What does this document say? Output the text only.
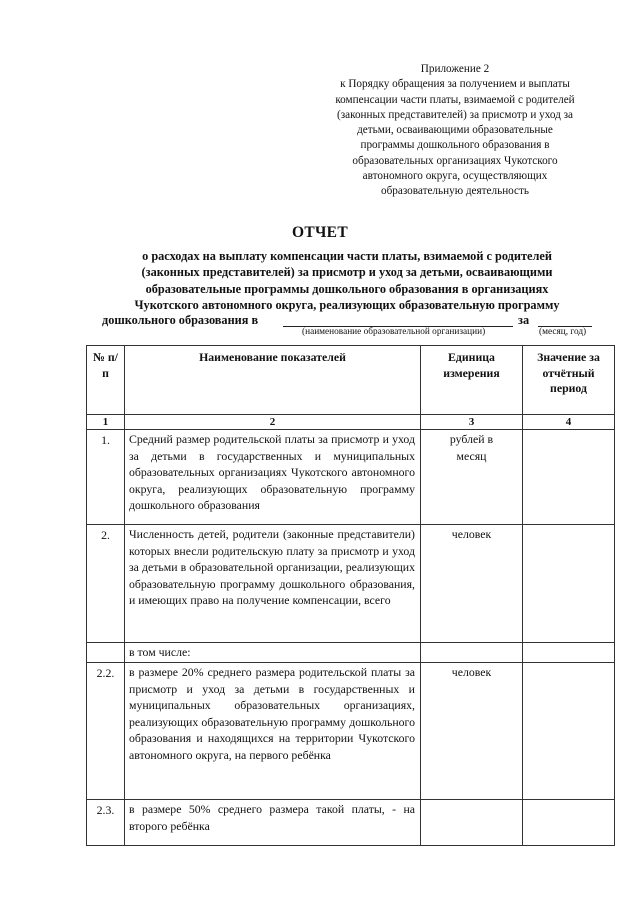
Приложение 2
к Порядку обращения за получением и выплаты
компенсации части платы, взимаемой с родителей
(законных представителей) за присмотр и уход за
детьми, осваивающими образовательные
программы дошкольного образования в
образовательных организациях Чукотского
автономного округа, осуществляющих
образовательную деятельность
ОТЧЕТ
о расходах на выплату компенсации части платы, взимаемой с родителей
(законных представителей) за присмотр и уход за детьми, осваивающими
образовательные программы дошкольного образования в организациях
Чукотского автономного округа, реализующих образовательную программу
дошкольного образования в	за
(наименование образовательной организации)	(месяц, год)
№ п/п	Наименование показателей	Единица измерения	Значение за отчётный период
1	2	3	4
1.	Средний размер родительской платы за присмотр и уход за детьми в государственных и муниципальных образовательных организациях Чукотского автономного округа, реализующих образовательную программу дошкольного образования	рублей в месяц	
2.	Численность детей, родители (законные представители) которых внесли родительскую плату за присмотр и уход за детьми в образовательной организации, реализующих образовательную программу дошкольного образования, и имеющих право на получение компенсации, всего	человек	
	в том числе:		
2.2.	в размере 20% среднего размера родительской платы за присмотр и уход за детьми в государственных и муниципальных образовательных организациях, реализующих образовательную программу дошкольного образования и находящихся на территории Чукотского автономного округа, на первого ребёнка	человек	
2.3.	в размере 50% среднего размера такой платы, - на второго ребёнка		
